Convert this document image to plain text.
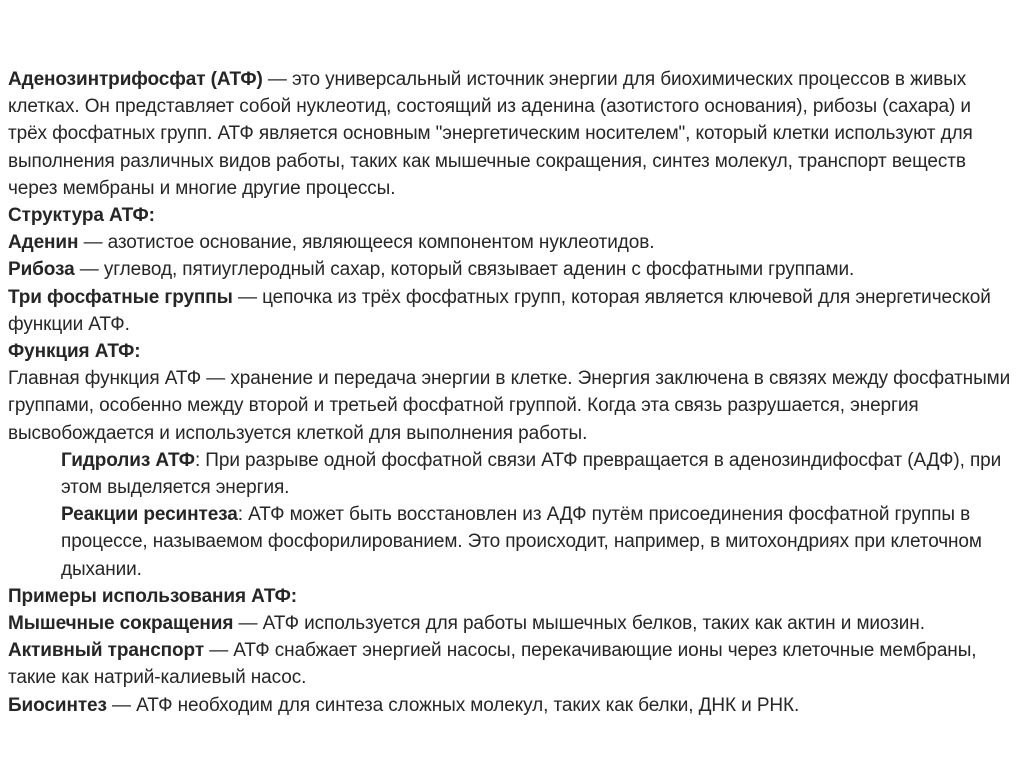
Аденозинтрифосфат (АТФ) — это универсальный источник энергии для биохимических процессов в живых клетках. Он представляет собой нуклеотид, состоящий из аденина (азотистого основания), рибозы (сахара) и трёх фосфатных групп. АТФ является основным "энергетическим носителем", который клетки используют для выполнения различных видов работы, таких как мышечные сокращения, синтез молекул, транспорт веществ через мембраны и многие другие процессы.

Структура АТФ:

Аденин — азотистое основание, являющееся компонентом нуклеотидов.

Рибоза — углевод, пятиуглеродный сахар, который связывает аденин с фосфатными группами.

Три фосфатные группы — цепочка из трёх фосфатных групп, которая является ключевой для энергетической функции АТФ.

Функция АТФ:

Главная функция АТФ — хранение и передача энергии в клетке. Энергия заключена в связях между фосфатными группами, особенно между второй и третьей фосфатной группой. Когда эта связь разрушается, энергия высвобождается и используется клеткой для выполнения работы.

Гидролиз АТФ: При разрыве одной фосфатной связи АТФ превращается в аденозиндифосфат (АДФ), при этом выделяется энергия.

Реакции ресинтеза: АТФ может быть восстановлен из АДФ путём присоединения фосфатной группы в процессе, называемом фосфорилированием. Это происходит, например, в митохондриях при клеточном дыхании.

Примеры использования АТФ:

Мышечные сокращения — АТФ используется для работы мышечных белков, таких как актин и миозин.

Активный транспорт — АТФ снабжает энергией насосы, перекачивающие ионы через клеточные мембраны, такие как натрий-калиевый насос.

Биосинтез — АТФ необходим для синтеза сложных молекул, таких как белки, ДНК и РНК.
